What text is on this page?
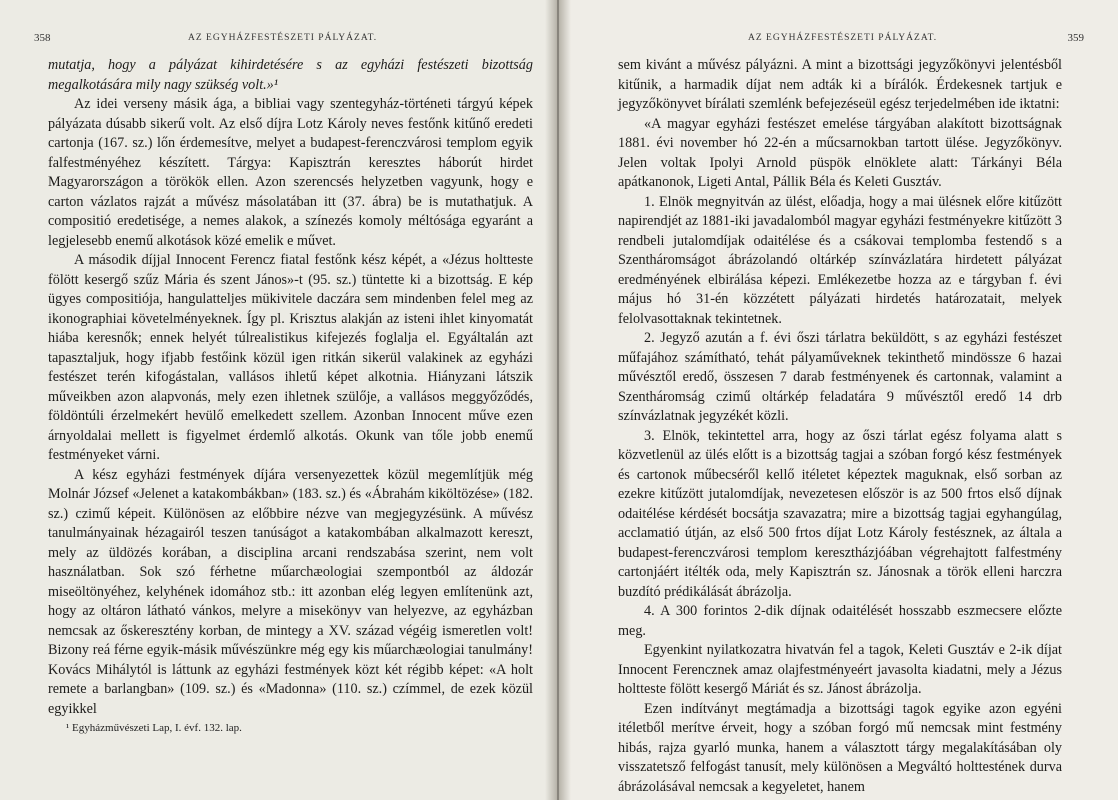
358	AZ EGYHÁZFESTÉSZETI PÁLYÁZAT.

mutatja, hogy a pályázat kihirdetésére s az egyházi festészeti bizottság megalkotására mily nagy szükség volt.»¹

Az idei verseny másik ága, a bibliai vagy szentegyház-történeti tárgyú képek pályázata dúsabb sikerű volt. Az első díjra Lotz Károly neves festőnk kitűnő eredeti cartonja (167. sz.) lőn érdemesítve, melyet a budapest-ferenczvárosi templom egyik falfestményéhez készített. Tárgya: Kapisztrán keresztes háborút hirdet Magyarországon a törökök ellen. Azon szerencsés helyzetben vagyunk, hogy e carton vázlatos rajzát a művész másolatában itt (37. ábra) be is mutathatjuk. A compositió eredetisége, a nemes alakok, a színezés komoly méltósága egyaránt a legjelesebb enemű alkotások közé emelik e művet.

A második díjjal Innocent Ferencz fiatal festőnk kész képét, a «Jézus holtteste fölött kesergő szűz Mária és szent János»-t (95. sz.) tüntette ki a bizottság. E kép ügyes compositiója, hangulatteljes mükivitele daczára sem mindenben felel meg az ikonographiai követelményeknek. Így pl. Krisztus alakján az isteni ihlet kinyomatát hiába keresnők; ennek helyét túlrealistikus kifejezés foglalja el. Egyáltalán azt tapasztaljuk, hogy ifjabb festőink közül igen ritkán sikerül valakinek az egyházi festészet terén kifogástalan, vallásos ihletű képet alkotnia. Hiányzani látszik műveikben azon alapvonás, mely ezen ihletnek szülője, a vallásos meggyőződés, földöntúli érzelmekért hevülő emelkedett szellem. Azonban Innocent műve ezen árnyoldalai mellett is figyelmet érdemlő alkotás. Okunk van tőle jobb enemű festményeket várni.

A kész egyházi festmények díjára versenyezettek közül megemlítjük még Molnár József «Jelenet a katakombákban» (183. sz.) és «Ábrahám kiköltözése» (182. sz.) czimű képeit. Különösen az előbbire nézve van megjegyzésünk. A művész tanulmányainak hézagairól teszen tanúságot a katakombában alkalmazott kereszt, mely az üldözés korában, a disciplina arcani rendszabása szerint, nem volt használatban. Sok szó férhetne műarchæologiai szempontból az áldozár miseöltönyéhez, kelyhének idomához stb.: itt azonban elég legyen említenünk azt, hogy az oltáron látható vánkos, melyre a misekönyv van helyezve, az egyházban nemcsak az őskeresztény korban, de mintegy a XV. század végéig ismeretlen volt! Bizony reá férne egyik-másik művészünkre még egy kis műarchæologiai tanulmány! Kovács Mihálytól is láttunk az egyházi festmények közt két régibb képet: «A holt remete a barlangban» (109. sz.) és «Madonna» (110. sz.) czímmel, de ezek közül egyikkel

¹ Egyházművészeti Lap, I. évf. 132. lap.
AZ EGYHÁZFESTÉSZETI PÁLYÁZAT.	359

sem kivánt a művész pályázni. A mint a bizottsági jegyzőkönyvi jelentésből kitűnik, a harmadik díjat nem adták ki a bírálók. Érdekesnek tartjuk e jegyzőkönyvet bírálati szemlénk befejezéseül egész terjedelmében ide iktatni:

«A magyar egyházi festészet emelése tárgyában alakított bizottságnak 1881. évi november hó 22-én a műcsarnokban tartott ülése. Jegyzőkönyv. Jelen voltak Ipolyi Arnold püspök elnöklete alatt: Tárkányi Béla apátkanonok, Ligeti Antal, Pállik Béla és Keleti Gusztáv.

1. Elnök megnyitván az ülést, előadja, hogy a mai ülésnek előre kitűzött napirendjét az 1881-iki javadalomból magyar egyházi festményekre kitűzött 3 rendbeli jutalomdíjak odaitélése és a csákovai templomba festendő s a Szentháromságot ábrázolandó oltárkép színvázlatára hirdetett pályázat eredményének elbirálása képezi. Emlékezetbe hozza az e tárgyban f. évi május hó 31-én közzétett pályázati hirdetés határozatait, melyek felolvasottaknak tekintetnek.

2. Jegyző azután a f. évi őszi tárlatra beküldött, s az egyházi festészet műfajához számítható, tehát pályaműveknek tekinthető mindössze 6 hazai művésztől eredő, összesen 7 darab festményenek és cartonnak, valamint a Szentháromság czimű oltárkép feladatára 9 művésztől eredő 14 drb színvázlatnak jegyzékét közli.

3. Elnök, tekintettel arra, hogy az őszi tárlat egész folyama alatt s közvetlenül az ülés előtt is a bizottság tagjai a szóban forgó kész festmények és cartonok műbecséről kellő itéletet képeztek maguknak, első sorban az ezekre kitűzött jutalomdíjak, nevezetesen először is az 500 frtos első díjnak odaitélése kérdését bocsátja szavazatra; mire a bizottság tagjai egyhangúlag, acclamatió útján, az első 500 frtos díjat Lotz Károly festésznek, az általa a budapest-ferenczvárosi templom keresztházjóában végrehajtott falfestmény cartonjáért itélték oda, mely Kapisztrán sz. Jánosnak a török elleni harczra buzdító prédikálását ábrázolja.

4. A 300 forintos 2-dik díjnak odaitélését hosszabb eszmecsere előzte meg.

Egyenkint nyilatkozatra hivatván fel a tagok, Keleti Gusztáv e 2-ik díjat Innocent Ferencznek amaz olajfestményeért javasolta kiadatni, mely a Jézus holtteste fölött kesergő Máriát és sz. Jánost ábrázolja.

Ezen indítványt megtámadja a bizottsági tagok egyike azon egyéni itéletből merítve érveit, hogy a szóban forgó mű nemcsak mint festmény hibás, rajza gyarló munka, hanem a választott tárgy megalakításában oly visszatetsző felfogást tanusít, mely különösen a Megváltó holttestének durva ábrázolásával nemcsak a kegyeletet, hanem
